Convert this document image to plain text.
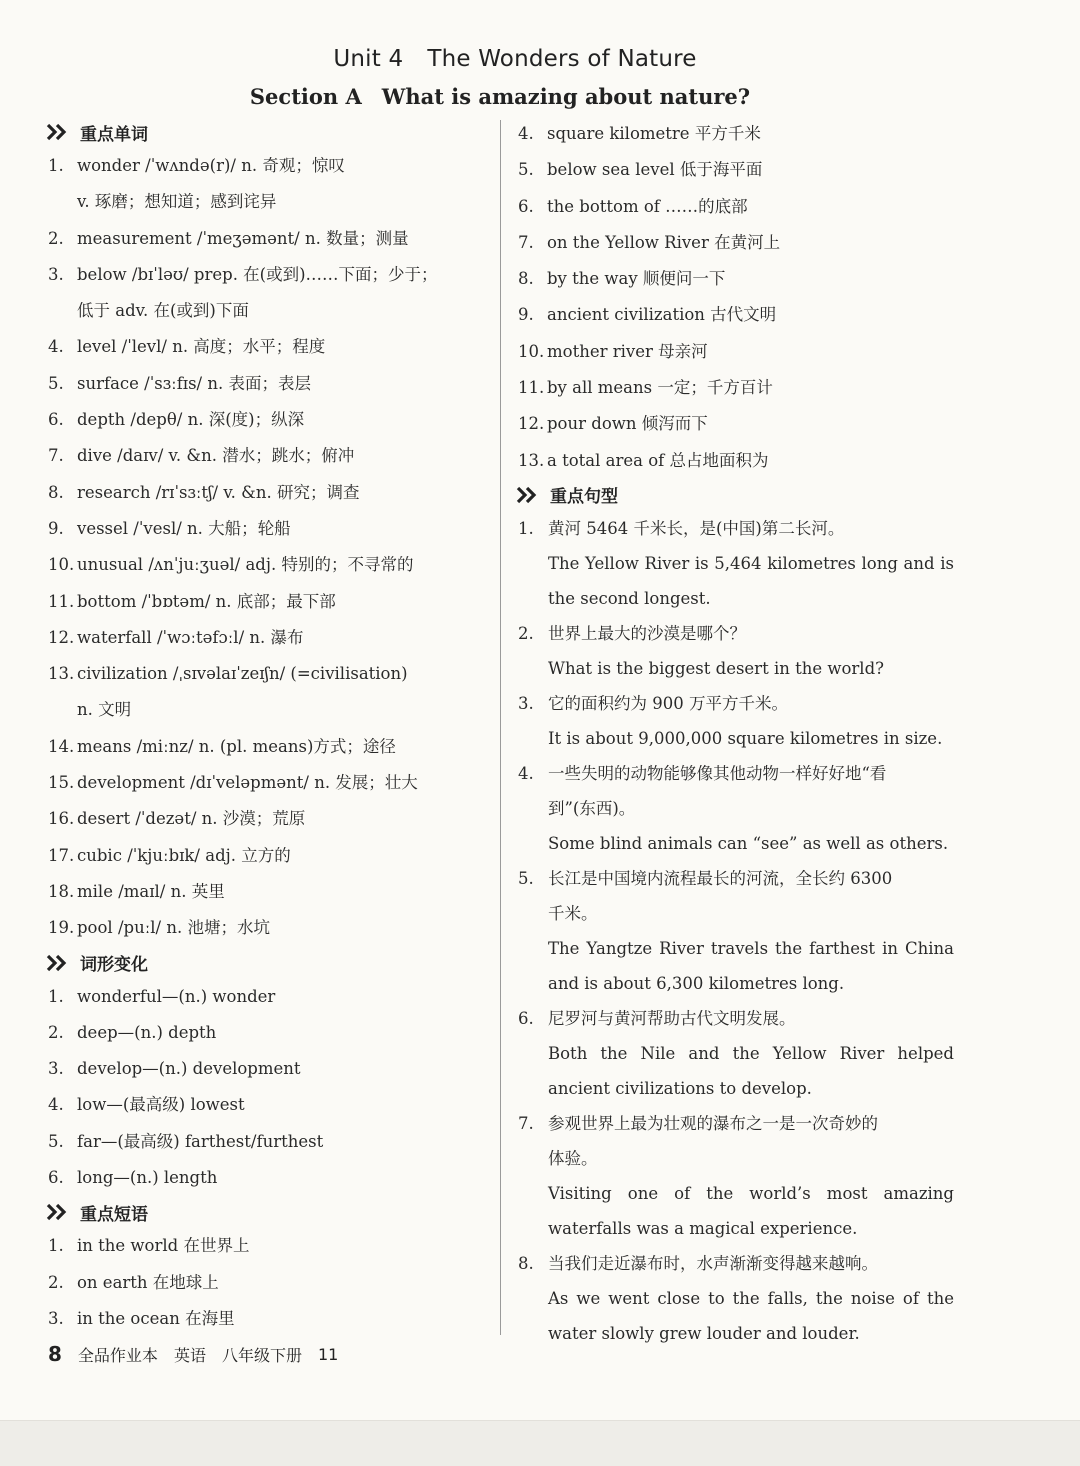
Unit 4 The Wonders of Nature
Section A What is amazing about nature?
重点单词
1. wonder /ˈwʌndə(r)/ n. 奇观；惊叹
v. 琢磨；想知道；感到诧异
2. measurement /ˈmeʒəmənt/ n. 数量；测量
3. below /bɪˈləʊ/ prep. 在(或到)……下面；少于；
低于 adv. 在(或到)下面
4. level /ˈlevl/ n. 高度；水平；程度
5. surface /ˈsɜːfɪs/ n. 表面；表层
6. depth /depθ/ n. 深(度)；纵深
7. dive /daɪv/ v. &n. 潜水；跳水；俯冲
8. research /rɪˈsɜːtʃ/ v. &n. 研究；调查
9. vessel /ˈvesl/ n. 大船；轮船
10. unusual /ʌnˈjuːʒuəl/ adj. 特别的；不寻常的
11. bottom /ˈbɒtəm/ n. 底部；最下部
12. waterfall /ˈwɔːtəfɔːl/ n. 瀑布
13. civilization /ˌsɪvəlaɪˈzeɪʃn/ (=civilisation)
n. 文明
14. means /miːnz/ n. (pl. means)方式；途径
15. development /dɪˈveləpmənt/ n. 发展；壮大
16. desert /ˈdezət/ n. 沙漠；荒原
17. cubic /ˈkjuːbɪk/ adj. 立方的
18. mile /maɪl/ n. 英里
19. pool /puːl/ n. 池塘；水坑
词形变化
1. wonderful—(n.) wonder
2. deep—(n.) depth
3. develop—(n.) development
4. low—(最高级) lowest
5. far—(最高级) farthest/furthest
6. long—(n.) length
重点短语
1. in the world 在世界上
2. on earth 在地球上
3. in the ocean 在海里
4. square kilometre 平方千米
5. below sea level 低于海平面
6. the bottom of ……的底部
7. on the Yellow River 在黄河上
8. by the way 顺便问一下
9. ancient civilization 古代文明
10. mother river 母亲河
11. by all means 一定；千方百计
12. pour down 倾泻而下
13. a total area of 总占地面积为
重点句型
1. 黄河 5464 千米长，是(中国)第二长河。
The Yellow River is 5,464 kilometres long and is the second longest.
2. 世界上最大的沙漠是哪个？
What is the biggest desert in the world?
3. 它的面积约为 900 万平方千米。
It is about 9,000,000 square kilometres in size.
4. 一些失明的动物能够像其他动物一样好好地“看
到”(东西)。
Some blind animals can “see” as well as others.
5. 长江是中国境内流程最长的河流，全长约 6300
千米。
The Yangtze River travels the farthest in China and is about 6,300 kilometres long.
6. 尼罗河与黄河帮助古代文明发展。
Both the Nile and the Yellow River helped ancient civilizations to develop.
7. 参观世界上最为壮观的瀑布之一是一次奇妙的
体验。
Visiting one of the world’s most amazing waterfalls was a magical experience.
8. 当我们走近瀑布时，水声渐渐变得越来越响。
As we went close to the falls, the noise of the water slowly grew louder and louder.
8 全品作业本 英语 八年级下册 11
